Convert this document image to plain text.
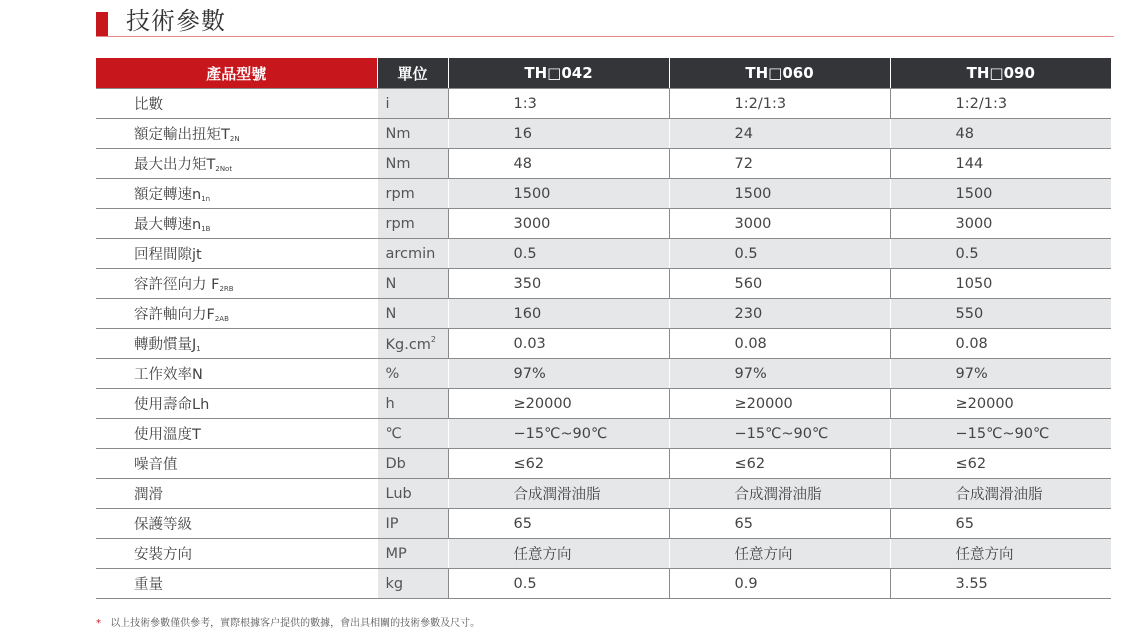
技術參數
產品型號	單位	TH□042	TH□060	TH□090
比數	i	1:3	1:2/1:3	1:2/1:3
額定輸出扭矩$T_{2N}$	Nm	16	24	48
最大出力矩$T_{2Not}$	Nm	48	72	144
額定轉速$n_{1n}$	rpm	1500	1500	1500
最大轉速$n_{1B}$	rpm	3000	3000	3000
回程間隙jt	arcmin	0.5	0.5	0.5
容許徑向力 $F_{2RB}$	N	350	560	1050
容許軸向力$F_{2AB}$	N	160	230	550
轉動慣量$J_1$	$Kg.cm^2$	0.03	0.08	0.08
工作效率N	%	97%	97%	97%
使用壽命Lh	h	≥20000	≥20000	≥20000
使用溫度T	℃	−15℃~90℃	−15℃~90℃	−15℃~90℃
噪音值	Db	≤62	≤62	≤62
潤滑	Lub	合成潤滑油脂	合成潤滑油脂	合成潤滑油脂
保護等級	IP	65	65	65
安裝方向	MP	任意方向	任意方向	任意方向
重量	kg	0.5	0.9	3.55
* 以上技術參數僅供參考，實際根據客户提供的數據，會出具相關的技術參數及尺寸。
